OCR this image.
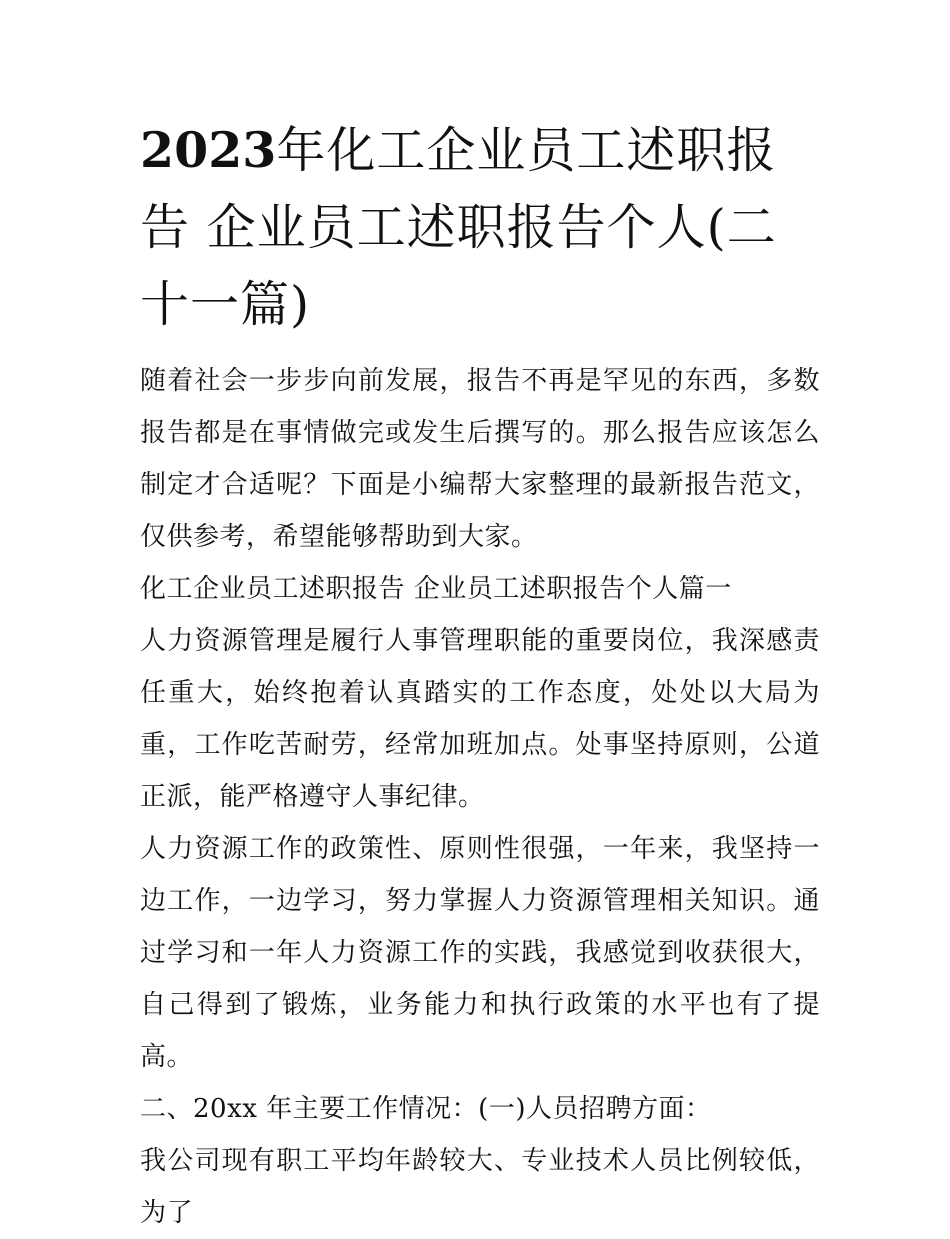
2023年化工企业员工述职报告 企业员工述职报告个人(二十一篇)

随着社会一步步向前发展，报告不再是罕见的东西，多数报告都是在事情做完或发生后撰写的。那么报告应该怎么制定才合适呢？下面是小编帮大家整理的最新报告范文，仅供参考，希望能够帮助到大家。

化工企业员工述职报告 企业员工述职报告个人篇一

人力资源管理是履行人事管理职能的重要岗位，我深感责任重大，始终抱着认真踏实的工作态度，处处以大局为重，工作吃苦耐劳，经常加班加点。处事坚持原则，公道正派，能严格遵守人事纪律。

人力资源工作的政策性、原则性很强，一年来，我坚持一边工作，一边学习，努力掌握人力资源管理相关知识。通过学习和一年人力资源工作的实践，我感觉到收获很大，自己得到了锻炼，业务能力和执行政策的水平也有了提高。

二、20xx 年主要工作情况：(一)人员招聘方面：

我公司现有职工平均年龄较大、专业技术人员比例较低，为了
